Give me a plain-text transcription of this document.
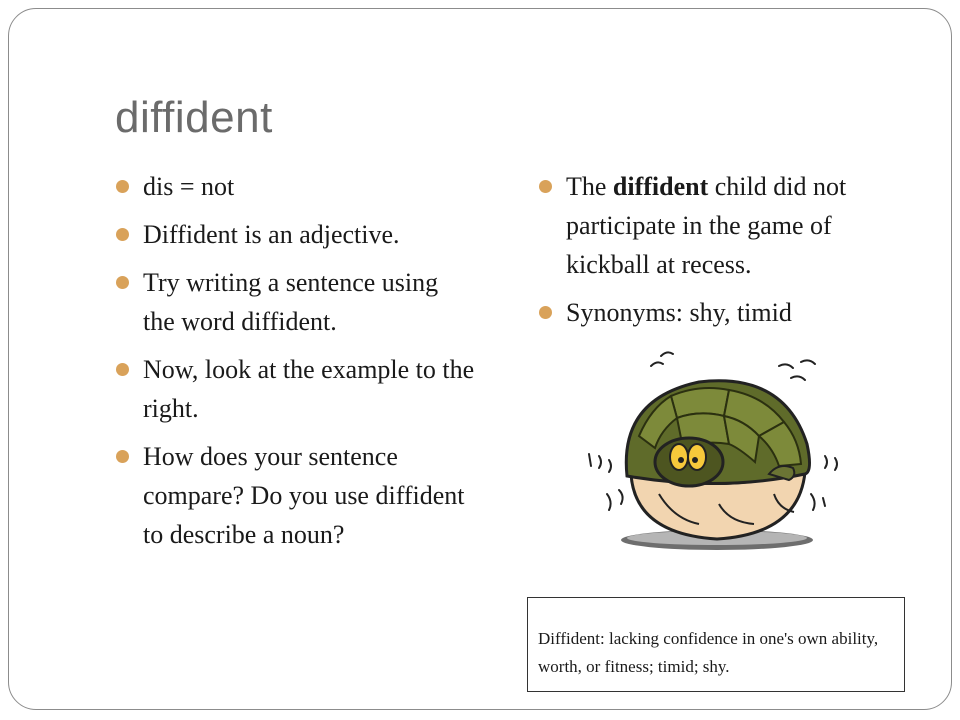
diffident
dis = not
Diffident is an adjective.
Try writing a sentence using the word diffident.
Now, look at the example to the right.
How does your sentence compare? Do you use diffident to describe a noun?
The diffident child did not participate in the game of kickball at recess.
Synonyms: shy, timid
Diffident: lacking confidence in one's own ability, worth, or fitness; timid; shy.
